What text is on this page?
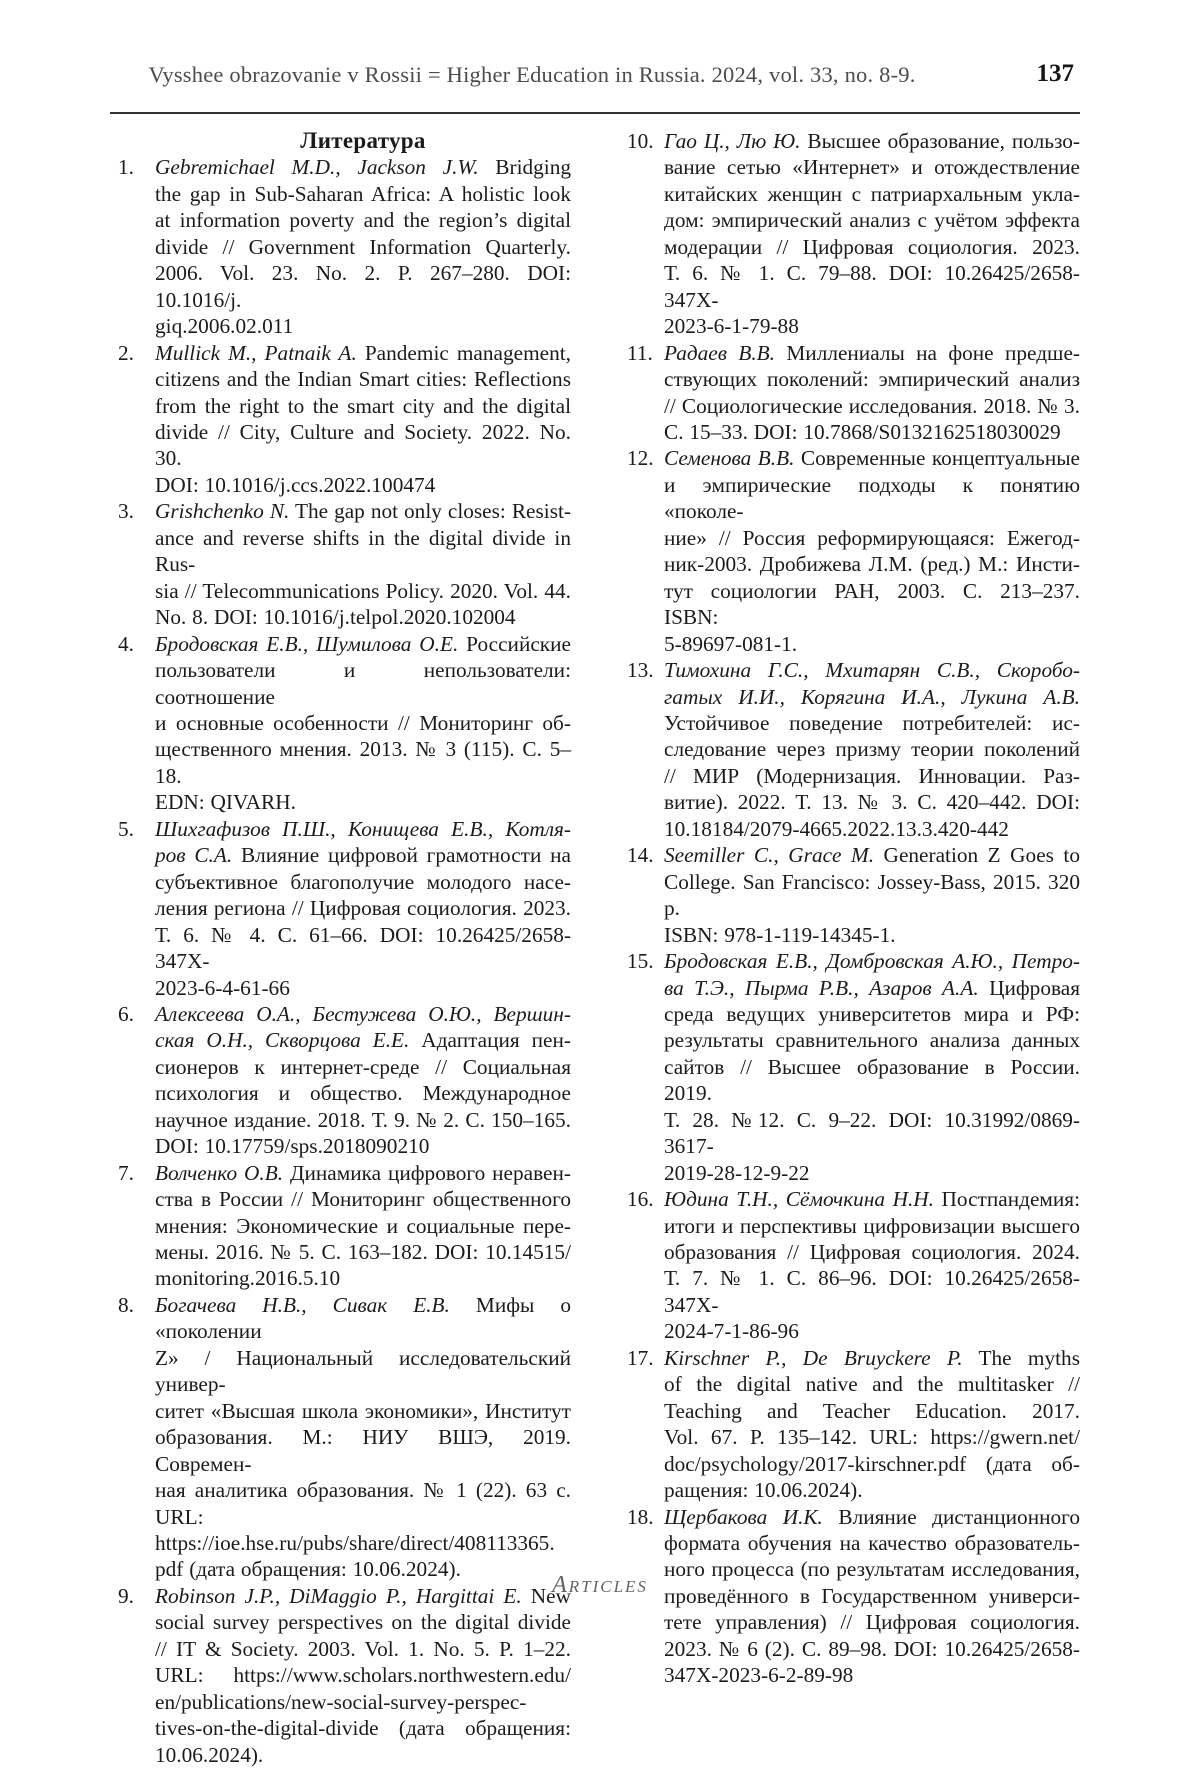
Vysshee obrazovanie v Rossii = Higher Education in Russia. 2024, vol. 33, no. 8-9.	137
Литература
1. Gebremichael M.D., Jackson J.W. Bridging
the gap in Sub-Saharan Africa: A holistic look
at information poverty and the region’s digital
divide // Government Information Quarterly.
2006. Vol. 23. No. 2. P. 267–280. DOI: 10.1016/j.
giq.2006.02.011
2. Mullick M., Patnaik A. Pandemic management,
citizens and the Indian Smart cities: Reflections
from the right to the smart city and the digital
divide // City, Culture and Society. 2022. No. 30.
DOI: 10.1016/j.ccs.2022.100474
3. Grishchenko N. The gap not only closes: Resist-
ance and reverse shifts in the digital divide in Rus-
sia // Telecommunications Policy. 2020. Vol. 44.
No. 8. DOI: 10.1016/j.telpol.2020.102004
4. Бродовская Е.В., Шумилова О.Е. Российские
пользователи и непользователи: соотношение
и основные особенности // Мониторинг об-
щественного мнения. 2013. № 3 (115). С. 5–18.
EDN: QIVARH.
5. Шихгафизов П.Ш., Конищева Е.В., Котля-
ров С.А. Влияние цифровой грамотности на
субъективное благополучие молодого насе-
ления региона // Цифровая социология. 2023.
Т. 6. № 4. С. 61–66. DOI: 10.26425/2658-347X-
2023-6-4-61-66
6. Алексеева О.А., Бестужева О.Ю., Вершин-
ская О.Н., Скворцова Е.Е. Адаптация пен-
сионеров к интернет-среде // Социальная
психология и общество. Международное
научное издание. 2018. Т. 9. № 2. С. 150–165.
DOI: 10.17759/sps.2018090210
7. Волченко О.В. Динамика цифрового неравен-
ства в России // Мониторинг общественного
мнения: Экономические и социальные пере-
мены. 2016. № 5. С. 163–182. DOI: 10.14515/
monitoring.2016.5.10
8. Богачева Н.В., Сивак Е.В. Мифы о «поколении
Z» / Национальный исследовательский универ-
ситет «Высшая школа экономики», Институт
образования. М.: НИУ ВШЭ, 2019. Современ-
ная аналитика образования. № 1 (22). 63 с. URL:
https://ioe.hse.ru/pubs/share/direct/408113365.
pdf (дата обращения: 10.06.2024).
9. Robinson J.P., DiMaggio P., Hargittai E. New
social survey perspectives on the digital divide
// IT & Society. 2003. Vol. 1. No. 5. P. 1–22.
URL: https://www.scholars.northwestern.edu/
en/publications/new-social-survey-perspec-
tives-on-the-digital-divide (дата обращения:
10.06.2024).
10. Гао Ц., Лю Ю. Высшее образование, пользо-
вание сетью «Интернет» и отождествление
китайских женщин с патриархальным укла-
дом: эмпирический анализ с учётом эффекта
модерации // Цифровая социология. 2023.
Т. 6. № 1. С. 79–88. DOI: 10.26425/2658-347X-
2023-6-1-79-88
11. Радаев В.В. Миллениалы на фоне предше-
ствующих поколений: эмпирический анализ
// Социологические исследования. 2018. № 3.
С. 15–33. DOI: 10.7868/S0132162518030029
12. Семенова В.В. Современные концептуальные
и эмпирические подходы к понятию «поколе-
ние» // Россия реформирующаяся: Ежегод-
ник-2003. Дробижева Л.М. (ред.) М.: Инсти-
тут социологии РАН, 2003. С. 213–237. ISBN:
5-89697-081-1.
13. Тимохина Г.С., Мхитарян С.В., Скоробо-
гатых И.И., Корягина И.А., Лукина А.В.
Устойчивое поведение потребителей: ис-
следование через призму теории поколений
// МИР (Модернизация. Инновации. Раз-
витие). 2022. Т. 13. № 3. С. 420–442. DOI:
10.18184/2079-4665.2022.13.3.420-442
14. Seemiller C., Grace M. Generation Z Goes to
College. San Francisco: Jossey-Bass, 2015. 320 p.
ISBN: 978-1-119-14345-1.
15. Бродовская Е.В., Домбровская А.Ю., Петро-
ва Т.Э., Пырма Р.В., Азаров А.А. Цифровая
среда ведущих университетов мира и РФ:
результаты сравнительного анализа данных
сайтов // Высшее образование в России. 2019.
Т. 28. №12. С. 9–22. DOI: 10.31992/0869-3617-
2019-28-12-9-22
16. Юдина Т.Н., Сёмочкина Н.Н. Постпандемия:
итоги и перспективы цифровизации высшего
образования // Цифровая социология. 2024.
Т. 7. № 1. С. 86–96. DOI: 10.26425/2658-347X-
2024-7-1-86-96
17. Kirschner P., De Bruyckere P. The myths
of the digital native and the multitasker //
Teaching and Teacher Education. 2017.
Vol. 67. P. 135–142. URL: https://gwern.net/
doc/psychology/2017-kirschner.pdf (дата об-
ращения: 10.06.2024).
18. Щербакова И.К. Влияние дистанционного
формата обучения на качество образователь-
ного процесса (по результатам исследования,
проведённого в Государственном универси-
тете управления) // Цифровая социология.
2023. № 6 (2). С. 89–98. DOI: 10.26425/2658-
347X-2023-6-2-89-98
Articles
